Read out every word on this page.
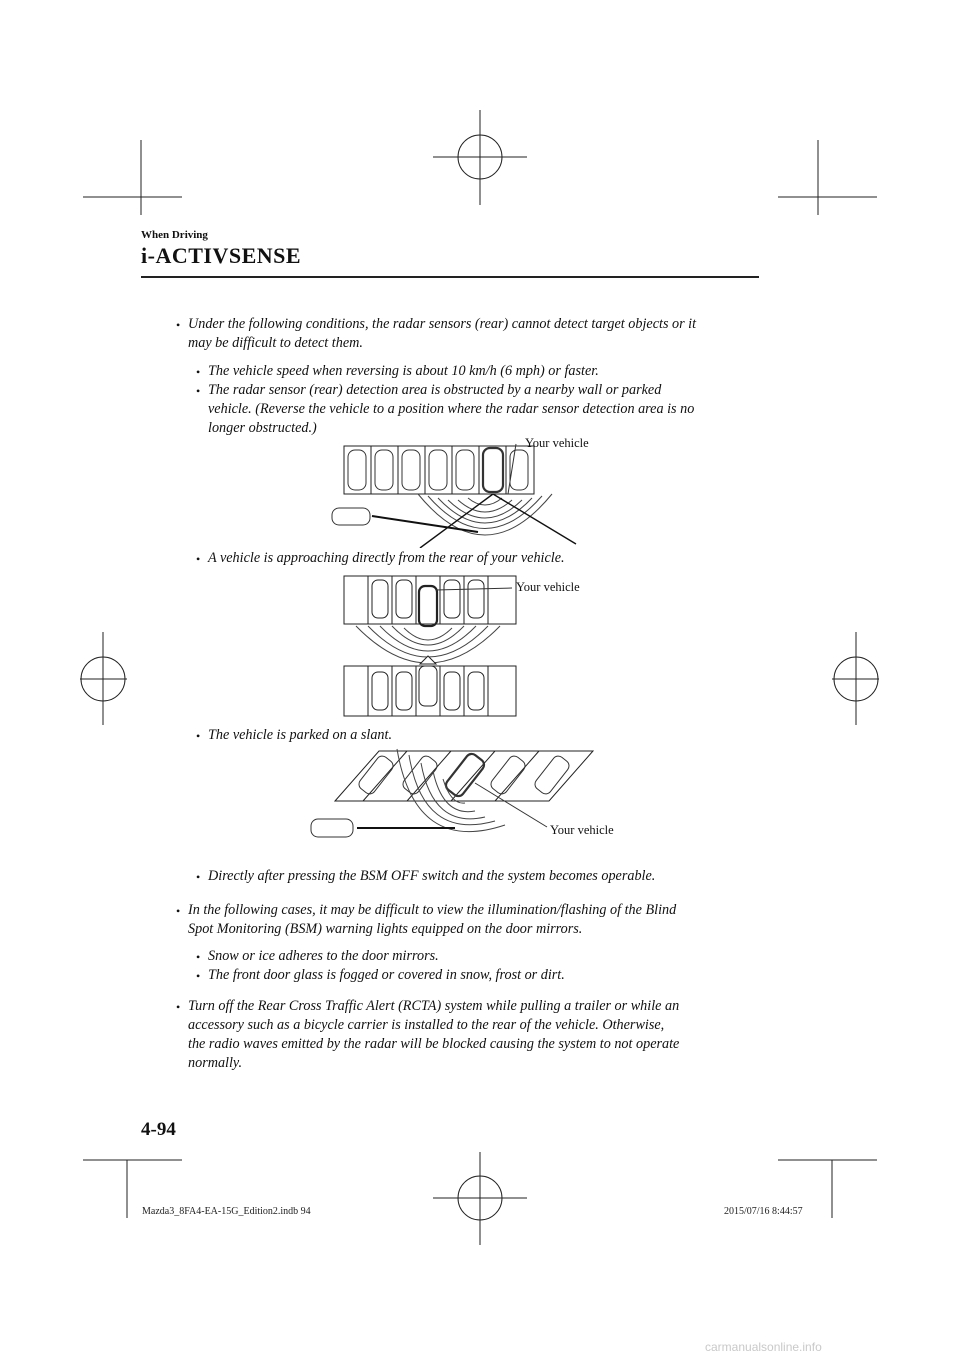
When Driving
i-ACTIVSENSE
• Under the following conditions, the radar sensors (rear) cannot detect target objects or it
may be difficult to detect them.
• The vehicle speed when reversing is about 10 km/h (6 mph) or faster.
• The radar sensor (rear) detection area is obstructed by a nearby wall or parked
vehicle. (Reverse the vehicle to a position where the radar sensor detection area is no
longer obstructed.)
Your vehicle
• A vehicle is approaching directly from the rear of your vehicle.
Your vehicle
• The vehicle is parked on a slant.
Your vehicle
• Directly after pressing the BSM OFF switch and the system becomes operable.
• In the following cases, it may be difficult to view the illumination/flashing of the Blind
Spot Monitoring (BSM) warning lights equipped on the door mirrors.
• Snow or ice adheres to the door mirrors.
• The front door glass is fogged or covered in snow, frost or dirt.
• Turn off the Rear Cross Traffic Alert (RCTA) system while pulling a trailer or while an
accessory such as a bicycle carrier is installed to the rear of the vehicle. Otherwise,
the radio waves emitted by the radar will be blocked causing the system to not operate
normally.
4-94
Mazda3_8FA4-EA-15G_Edition2.indb 94	2015/07/16 8:44:57
carmanualsonline.info
